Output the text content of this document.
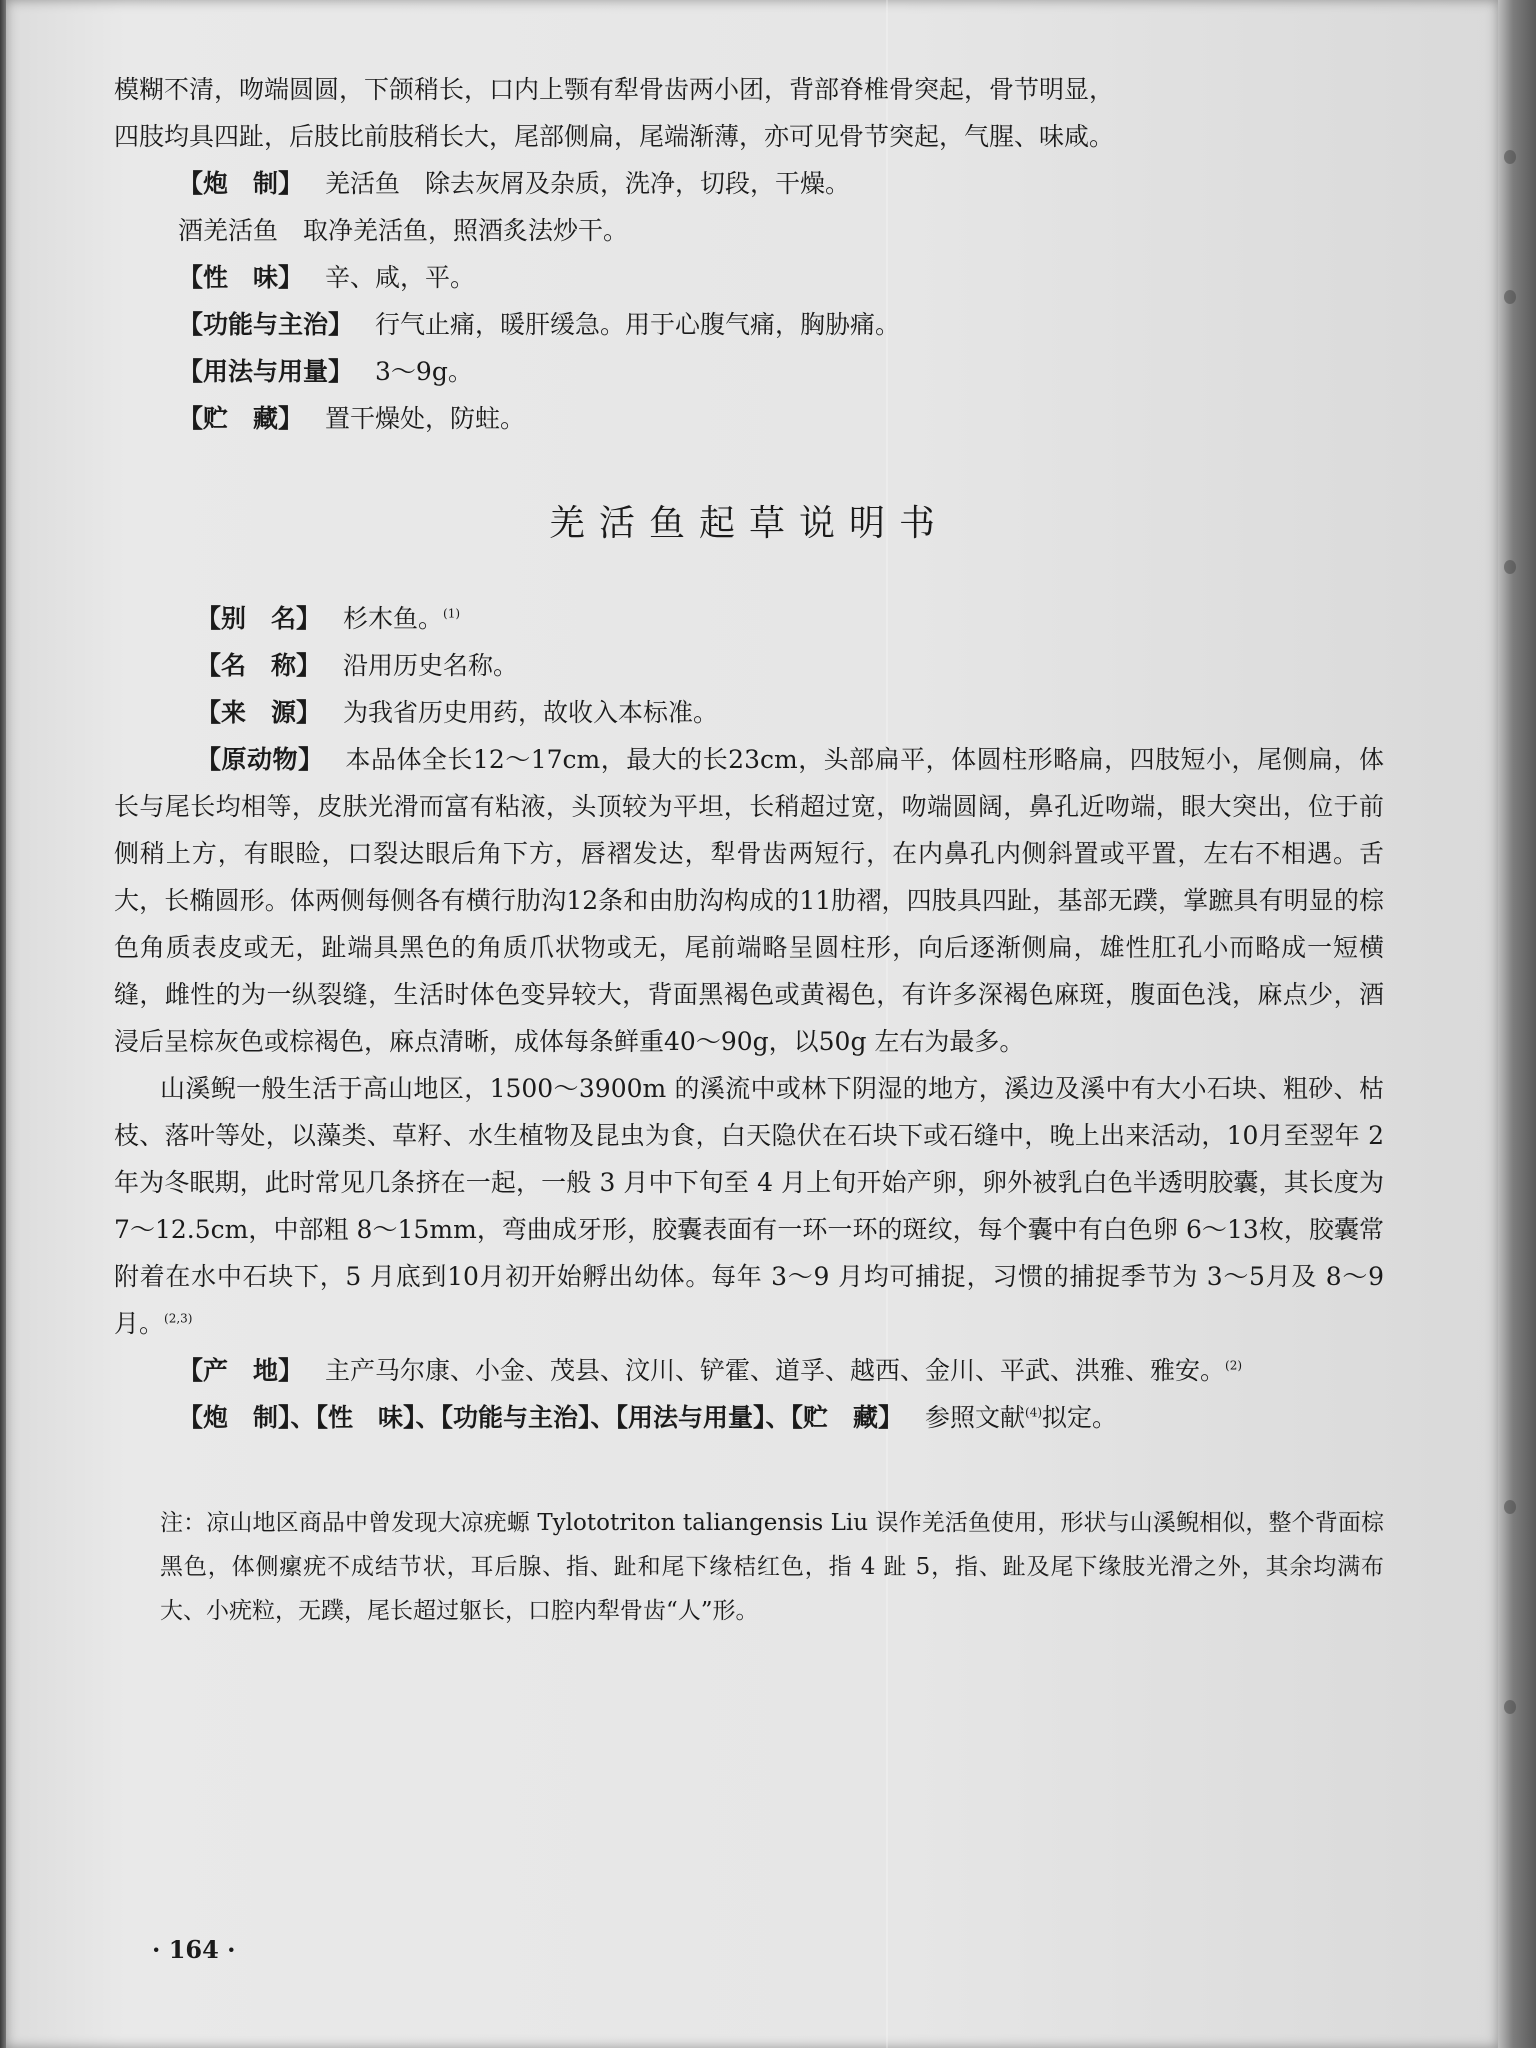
模糊不清，吻端圆圆，下颌稍长，口内上颚有犁骨齿两小团，背部脊椎骨突起，骨节明显，

四肢均具四趾，后肢比前肢稍长大，尾部侧扁，尾端渐薄，亦可见骨节突起，气腥、味咸。

【炮　制】 羌活鱼　除去灰屑及杂质，洗净，切段，干燥。

酒羌活鱼　取净羌活鱼，照酒炙法炒干。

【性　味】 辛、咸，平。

【功能与主治】 行气止痛，暖肝缓急。用于心腹气痛，胸胁痛。

【用法与用量】 3～9g。

【贮　藏】 置干燥处，防蛀。

羌活鱼起草说明书

【别　名】 杉木鱼。$^{(1)}$

【名　称】 沿用历史名称。

【来　源】 为我省历史用药，故收入本标准。

【原动物】 本品体全长12～17cm，最大的长23cm，头部扁平，体圆柱形略扁，四肢短小，尾侧扁，体长与尾长均相等，皮肤光滑而富有粘液，头顶较为平坦，长稍超过宽，吻端圆阔，鼻孔近吻端，眼大突出，位于前侧稍上方，有眼睑，口裂达眼后角下方，唇褶发达，犁骨齿两短行，在内鼻孔内侧斜置或平置，左右不相遇。舌大，长椭圆形。体两侧每侧各有横行肋沟12条和由肋沟构成的11肋褶，四肢具四趾，基部无蹼，掌蹠具有明显的棕色角质表皮或无，趾端具黑色的角质爪状物或无，尾前端略呈圆柱形，向后逐渐侧扁，雄性肛孔小而略成一短横缝，雌性的为一纵裂缝，生活时体色变异较大，背面黑褐色或黄褐色，有许多深褐色麻斑，腹面色浅，麻点少，酒浸后呈棕灰色或棕褐色，麻点清晰，成体每条鲜重40～90g，以50g 左右为最多。

山溪鲵一般生活于高山地区，1500～3900m 的溪流中或林下阴湿的地方，溪边及溪中有大小石块、粗砂、枯枝、落叶等处，以藻类、草籽、水生植物及昆虫为食，白天隐伏在石块下或石缝中，晚上出来活动，10月至翌年 2 年为冬眠期，此时常见几条挤在一起，一般 3 月中下旬至 4 月上旬开始产卵，卵外被乳白色半透明胶囊，其长度为 7～12.5cm，中部粗 8～15mm，弯曲成牙形，胶囊表面有一环一环的斑纹，每个囊中有白色卵 6～13枚，胶囊常附着在水中石块下，5 月底到10月初开始孵出幼体。每年 3～9 月均可捕捉，习惯的捕捉季节为 3～5月及 8～9 月。$^{(2,3)}$

【产　地】 主产马尔康、小金、茂县、汶川、铲霍、道孚、越西、金川、平武、洪雅、雅安。$^{(2)}$

【炮　制】、【性　味】、【功能与主治】、【用法与用量】、【贮　藏】 参照文献$^{(4)}$拟定。

注：凉山地区商品中曾发现大凉疣螈 Tylototriton taliangensis Liu 误作羌活鱼使用，形状与山溪鲵相似，整个背面棕黑色，体侧瘰疣不成结节状，耳后腺、指、趾和尾下缘桔红色，指 4 趾 5，指、趾及尾下缘肢光滑之外，其余均满布大、小疣粒，无蹼，尾长超过躯长，口腔内犁骨齿“人”形。

· 164 ·
